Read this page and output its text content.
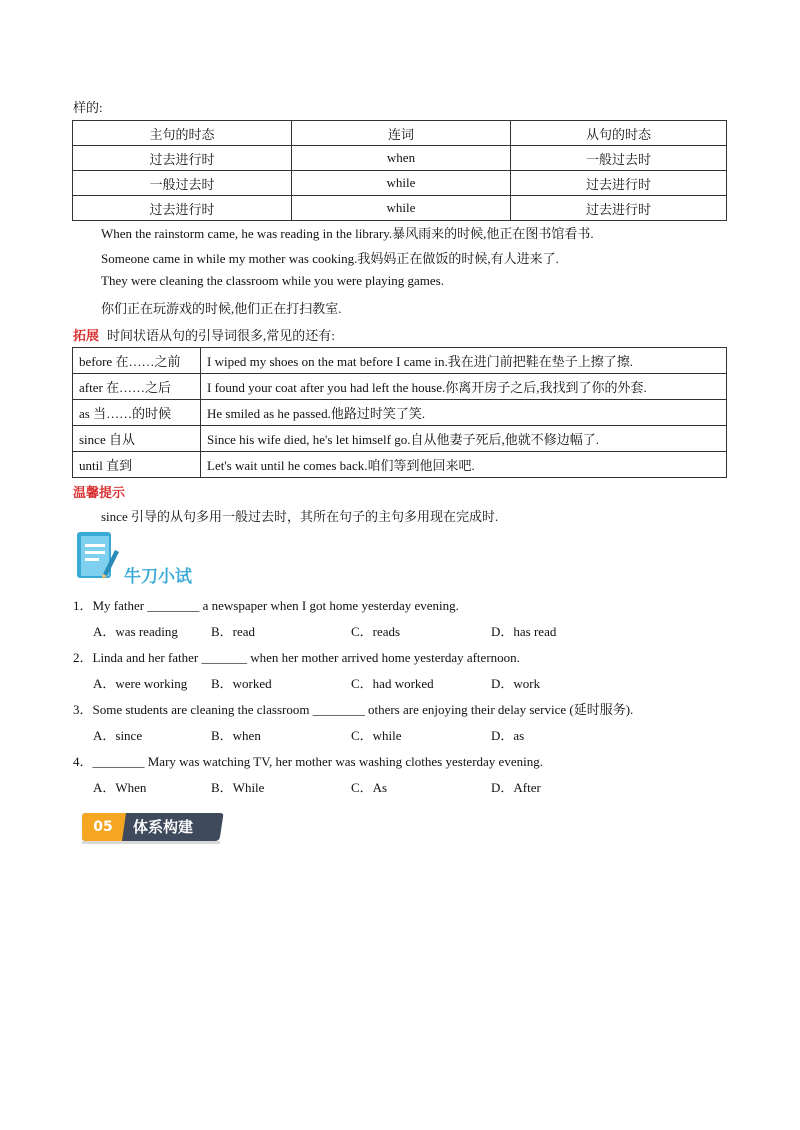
样的:
主句的时态	连词	从句的时态
过去进行时	when	一般过去时
一般过去时	while	过去进行时
过去进行时	while	过去进行时
When the rainstorm came, he was reading in the library.暴风雨来的时候,他正在图书馆看书.
Someone came in while my mother was cooking.我妈妈正在做饭的时候,有人进来了.
They were cleaning the classroom while you were playing games.
你们正在玩游戏的时候,他们正在打扫教室.
拓展 时间状语从句的引导词很多,常见的还有:
before 在……之前	I wiped my shoes on the mat before I came in.我在进门前把鞋在垫子上擦了擦.
after 在……之后	I found your coat after you had left the house.你离开房子之后,我找到了你的外套.
as 当……的时候	He smiled as he passed.他路过时笑了笑.
since 自从	Since his wife died, he's let himself go.自从他妻子死后,他就不修边幅了.
until 直到	Let's wait until he comes back.咱们等到他回来吧.
温馨提示
since 引导的从句多用一般过去时，其所在句子的主句多用现在完成时.
牛刀小试
1．My father ________ a newspaper when I got home yesterday evening.
A．was reading	B．read	C．reads	D．has read
2．Linda and her father _______ when her mother arrived home yesterday afternoon.
A．were working B．worked	C．had worked	D．work
3．Some students are cleaning the classroom ________ others are enjoying their delay service (延时服务).
A．since	B．when	C．while	D．as
4．________ Mary was watching TV, her mother was washing clothes yesterday evening.
A．When	B．While	C．As	D．After
05	体系构建
